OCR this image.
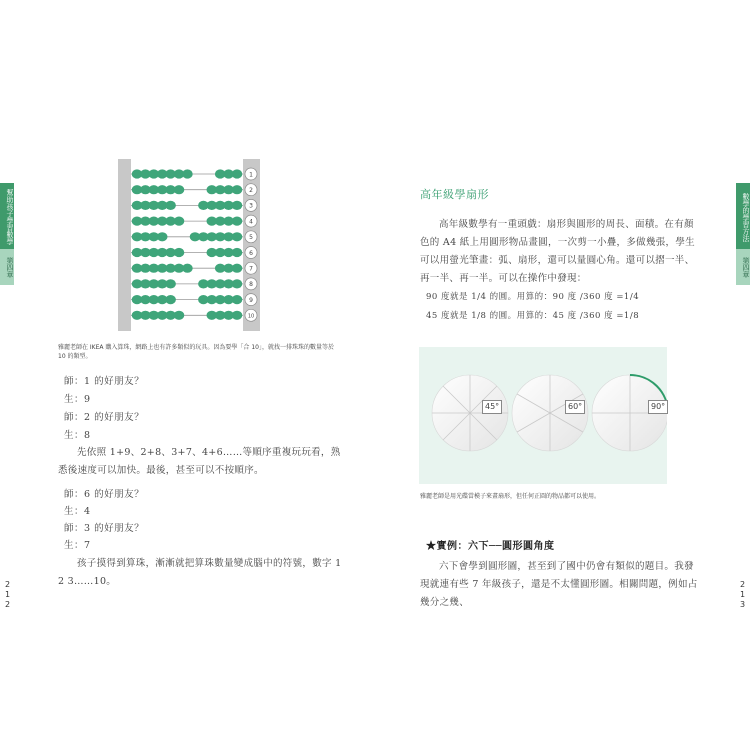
幫助孩子學習數學
第四章
212
1
2
3
4
5
6
7
8
9
10
雅麗老師在 IKEA 購入算珠，網路上也有許多類似的玩具。因為要學「合 10」，就找一排珠珠的數量等於 10 的類型。
師：1 的好朋友？
生：9
師：2 的好朋友？
生：8
先依照 1+9、2+8、3+7、4+6……等順序重複玩玩看，熟悉後速度可以加快。最後，甚至可以不按順序。
師：6 的好朋友？
生：4
師：3 的好朋友？
生：7
孩子摸得到算珠，漸漸就把算珠數量變成腦中的符號，數字 1 2 3……10。
數學的學習方法
第四章
213
高年級學扇形
高年級數學有一重頭戲：扇形與圓形的周長、面積。在有顏色的 A4 紙上用圓形物品畫圓，一次剪一小疊，多做幾張，學生可以用螢光筆畫：弧、扇形，還可以量圓心角。還可以摺一半、再一半、再一半。可以在操作中發現：
90 度就是 1/4 的圓。用算的：90 度 /360 度 =1/4
45 度就是 1/8 的圓。用算的：45 度 /360 度 =1/8
45°	60°	90°
雅麗老師是用光碟當模子來畫扇形，但任何正圓的物品都可以使用。
★實例：六下──圓形圓角度
六下會學到圓形圖，甚至到了國中仍會有類似的題目。我發現就連有些 7 年級孩子，還是不太懂圓形圖。相關問題，例如占幾分之幾、
